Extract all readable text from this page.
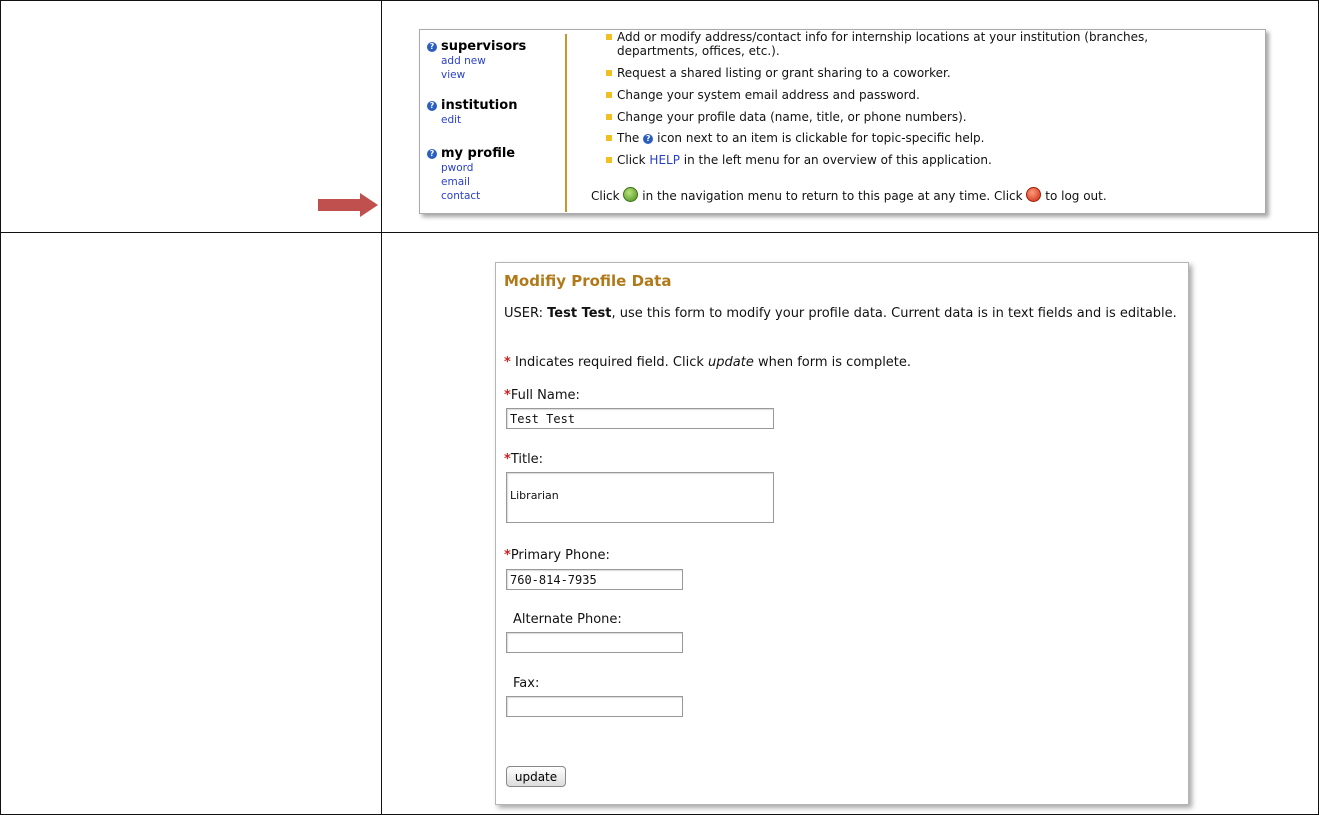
? supervisors
add new
view
? institution
edit
? my profile
pword
email
contact
Add or modify address/contact info for internship locations at your institution (branches,
departments, offices, etc.).
Request a shared listing or grant sharing to a coworker.
Change your system email address and password.
Change your profile data (name, title, or phone numbers).
The ? icon next to an item is clickable for topic-specific help.
Click HELP in the left menu for an overview of this application.
Click in the navigation menu to return to this page at any time. Click to log out.
Modifiy Profile Data
USER: Test Test, use this form to modify your profile data. Current data is in text fields and is editable.
* Indicates required field. Click update when form is complete.
*Full Name:
Test Test
*Title:
Librarian
*Primary Phone:
760-814-7935
Alternate Phone:
Fax:
update
